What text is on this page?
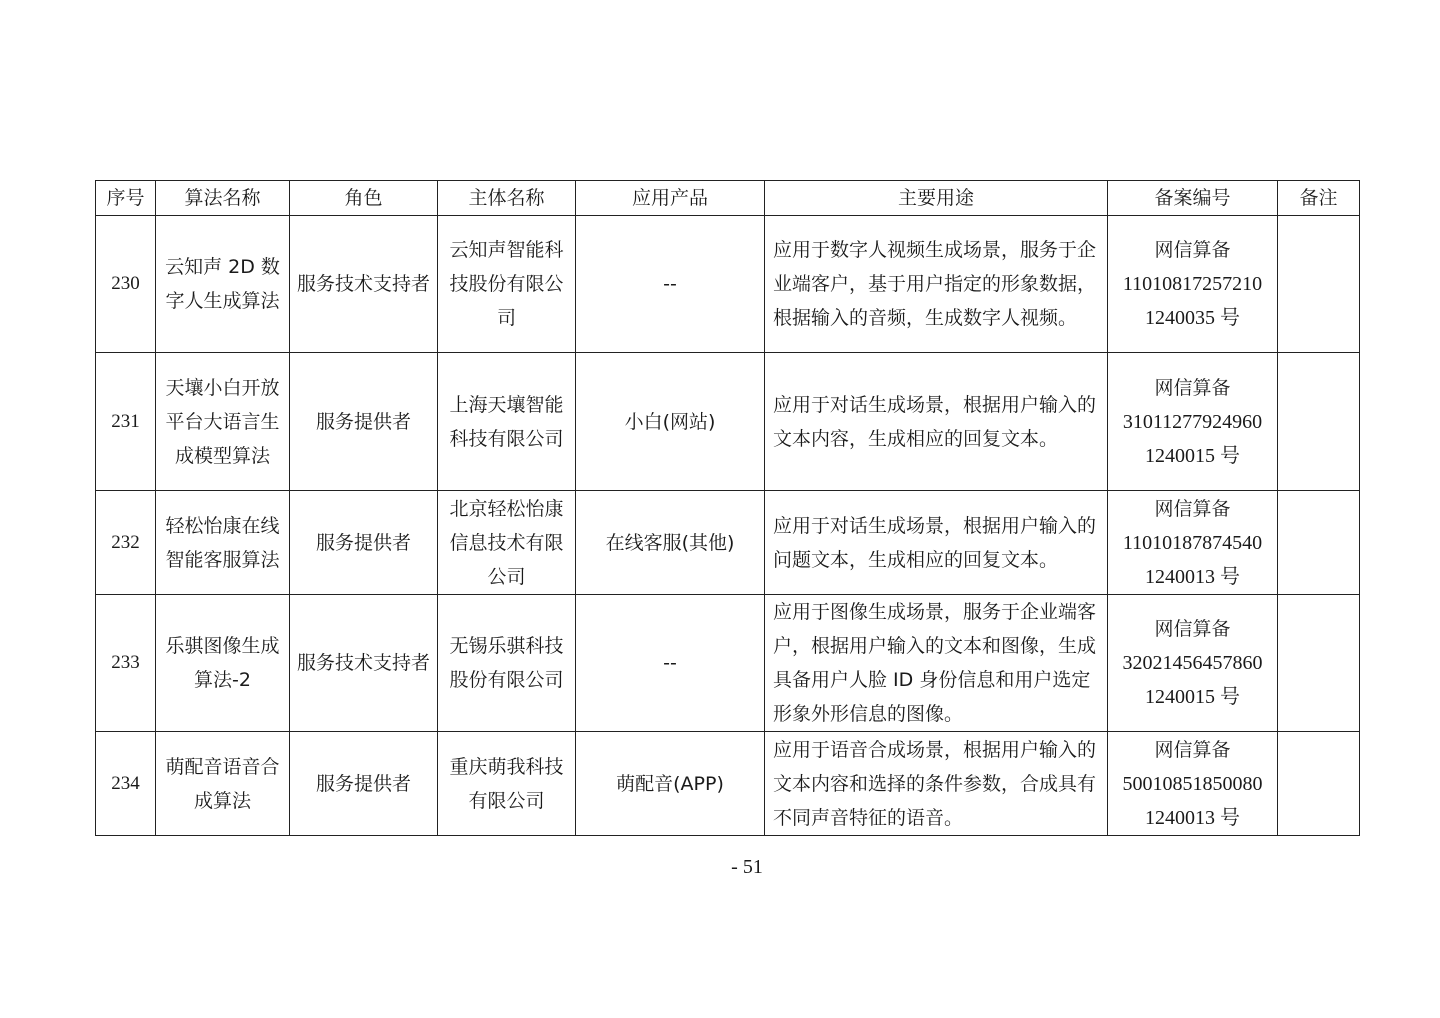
序号	算法名称	角色	主体名称	应用产品	主要用途	备案编号	备注
230	云知声 2D 数字人生成算法	服务技术支持者	云知声智能科技股份有限公司	--	应用于数字人视频生成场景，服务于企业端客户，基于用户指定的形象数据，根据输入的音频，生成数字人视频。	网信算备
11010817257210
1240035 号	

231	天壤小白开放平台大语言生成模型算法	服务提供者	上海天壤智能科技有限公司	小白(网站)	应用于对话生成场景，根据用户输入的文本内容，生成相应的回复文本。	网信算备
31011277924960
1240015 号	

232	轻松怡康在线智能客服算法	服务提供者	北京轻松怡康信息技术有限公司	在线客服(其他)	应用于对话生成场景，根据用户输入的问题文本，生成相应的回复文本。	网信算备
11010187874540
1240013 号	

233	乐骐图像生成算法-2	服务技术支持者	无锡乐骐科技股份有限公司	--	应用于图像生成场景，服务于企业端客户，根据用户输入的文本和图像，生成具备用户人脸 ID 身份信息和用户选定形象外形信息的图像。	网信算备
32021456457860
1240015 号	

234	萌配音语音合成算法	服务提供者	重庆萌我科技有限公司	萌配音(APP)	应用于语音合成场景，根据用户输入的文本内容和选择的条件参数，合成具有不同声音特征的语音。	网信算备
50010851850080
1240013 号	

- 51
